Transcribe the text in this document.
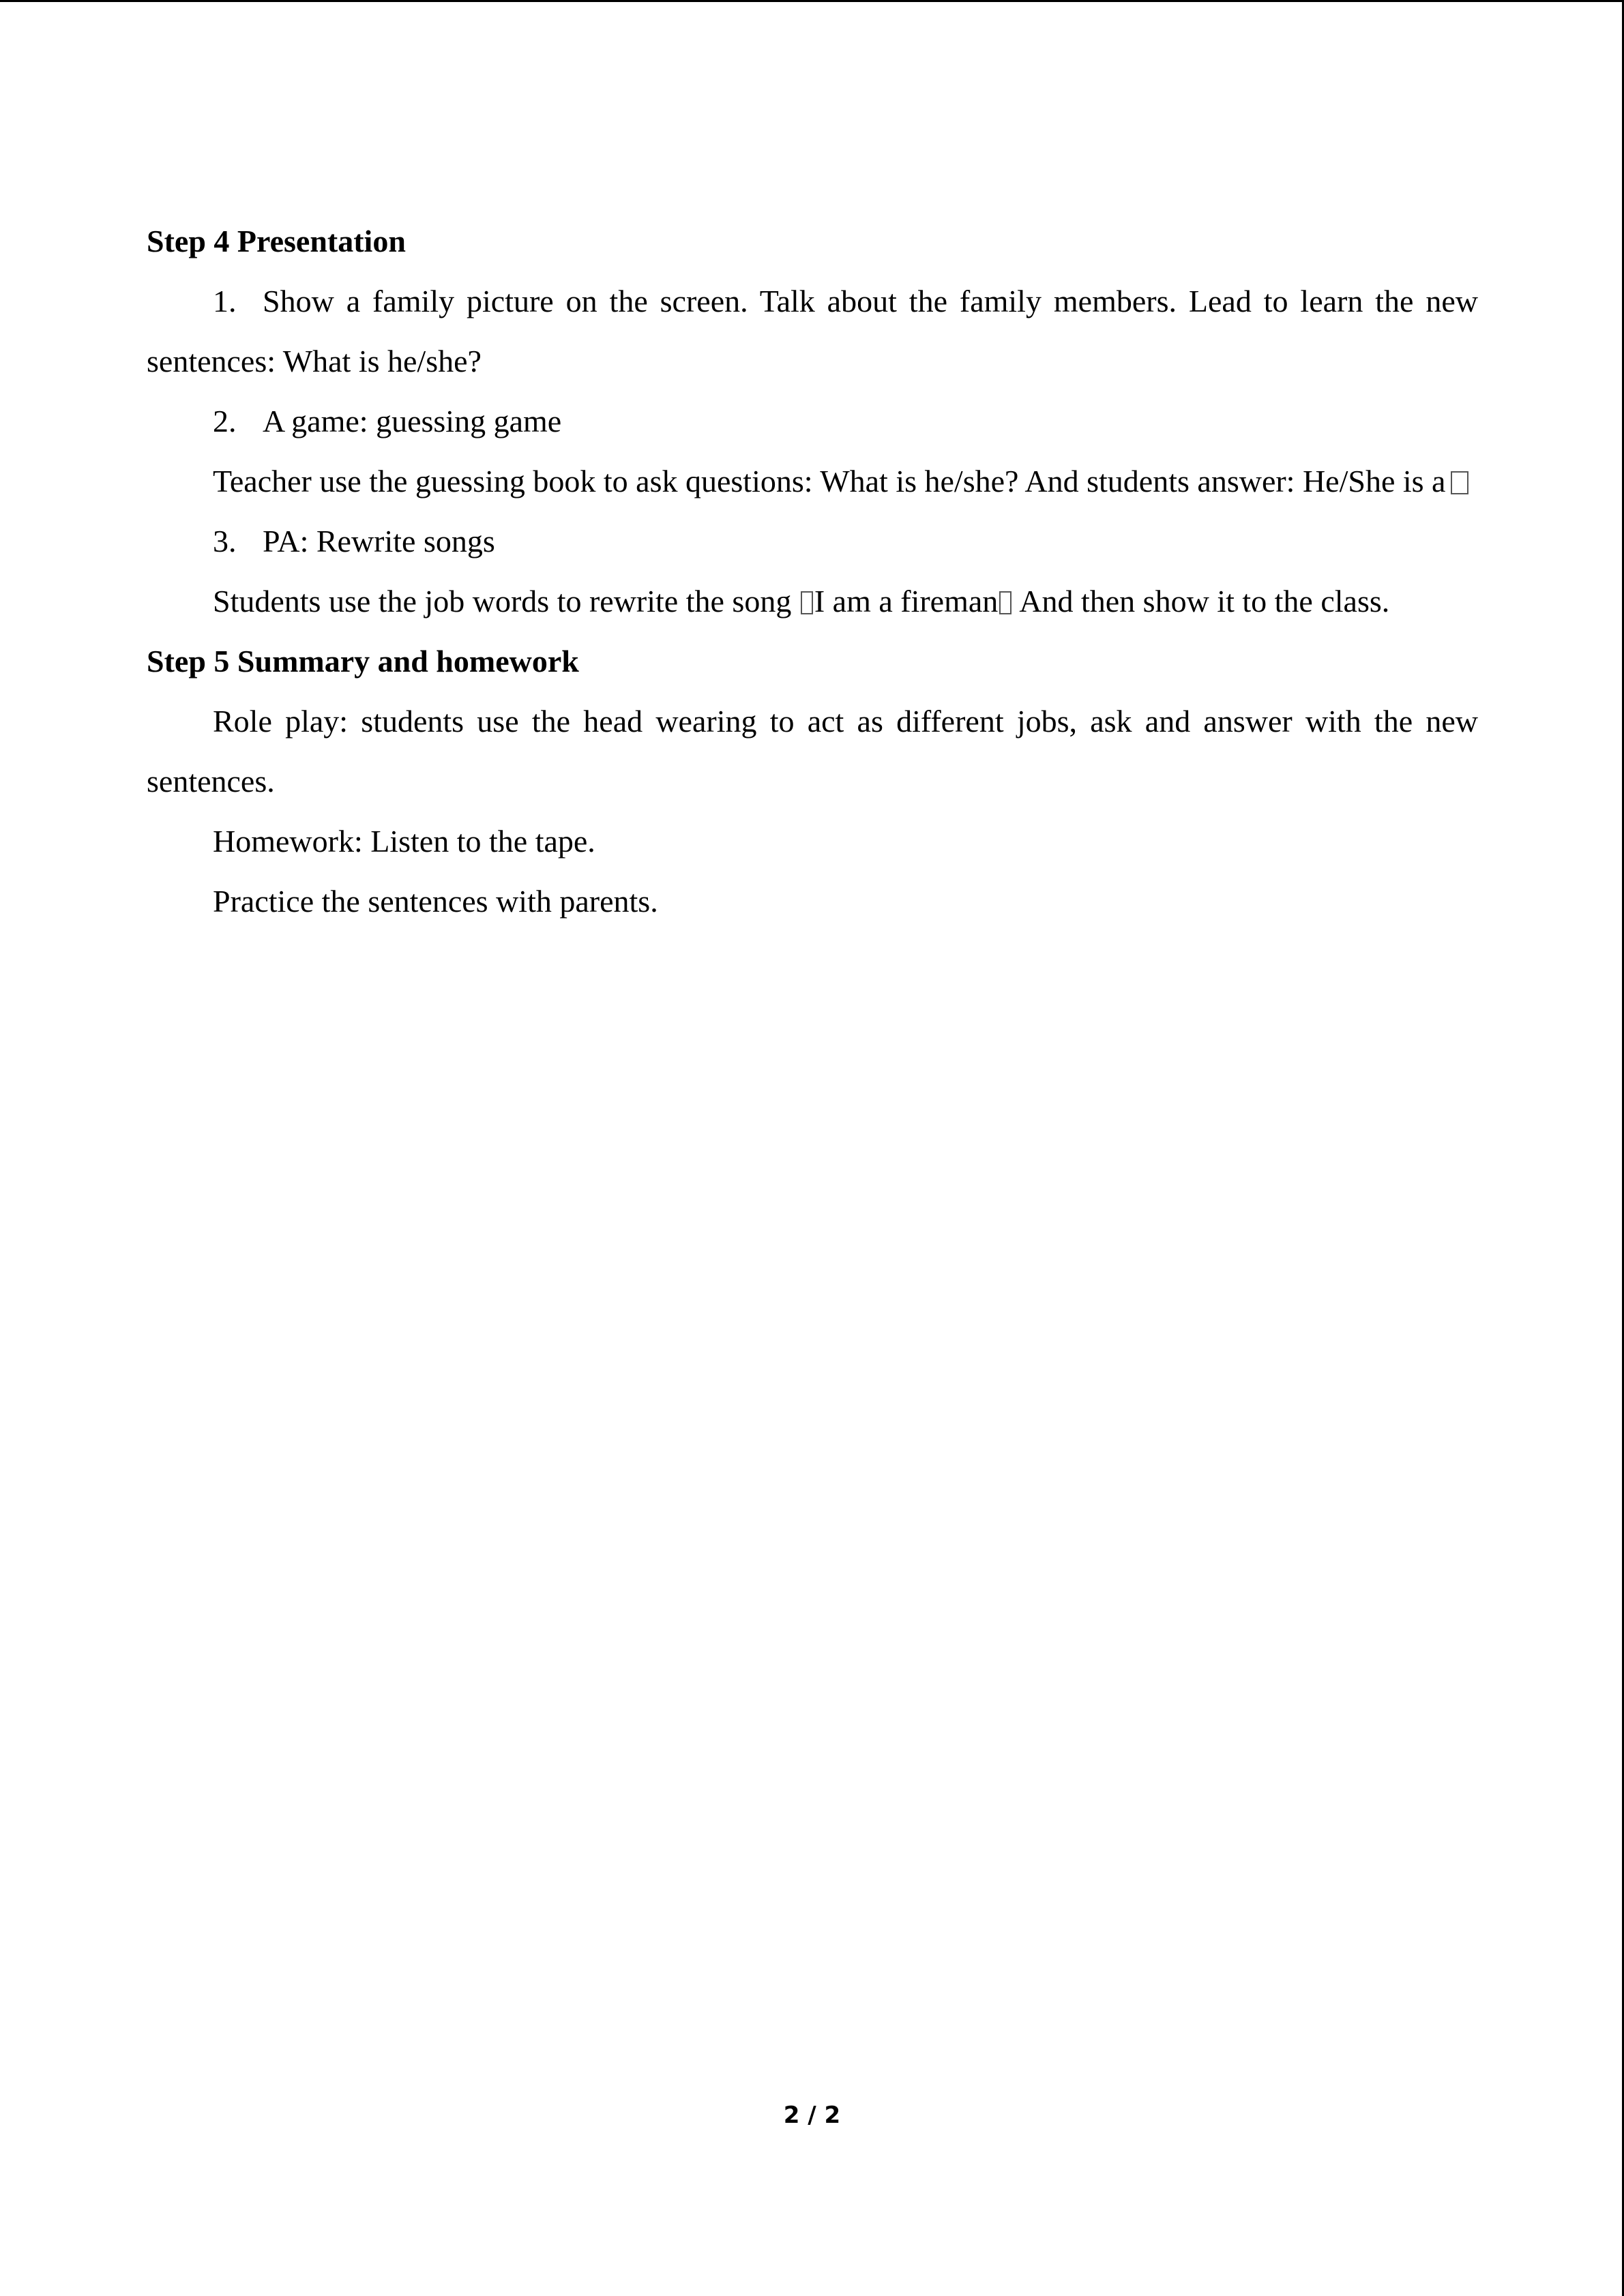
Step 4 Presentation

1. Show a family picture on the screen. Talk about the family members. Lead to learn the new sentences: What is he/she?

2. A game: guessing game

Teacher use the guessing book to ask questions: What is he/she? And students answer: He/She is a

3. PA: Rewrite songs

Students use the job words to rewrite the song I am a fireman And then show it to the class.

Step 5 Summary and homework

Role play: students use the head wearing to act as different jobs, ask and answer with the new sentences.

Homework: Listen to the tape.

Practice the sentences with parents.

2 / 2
